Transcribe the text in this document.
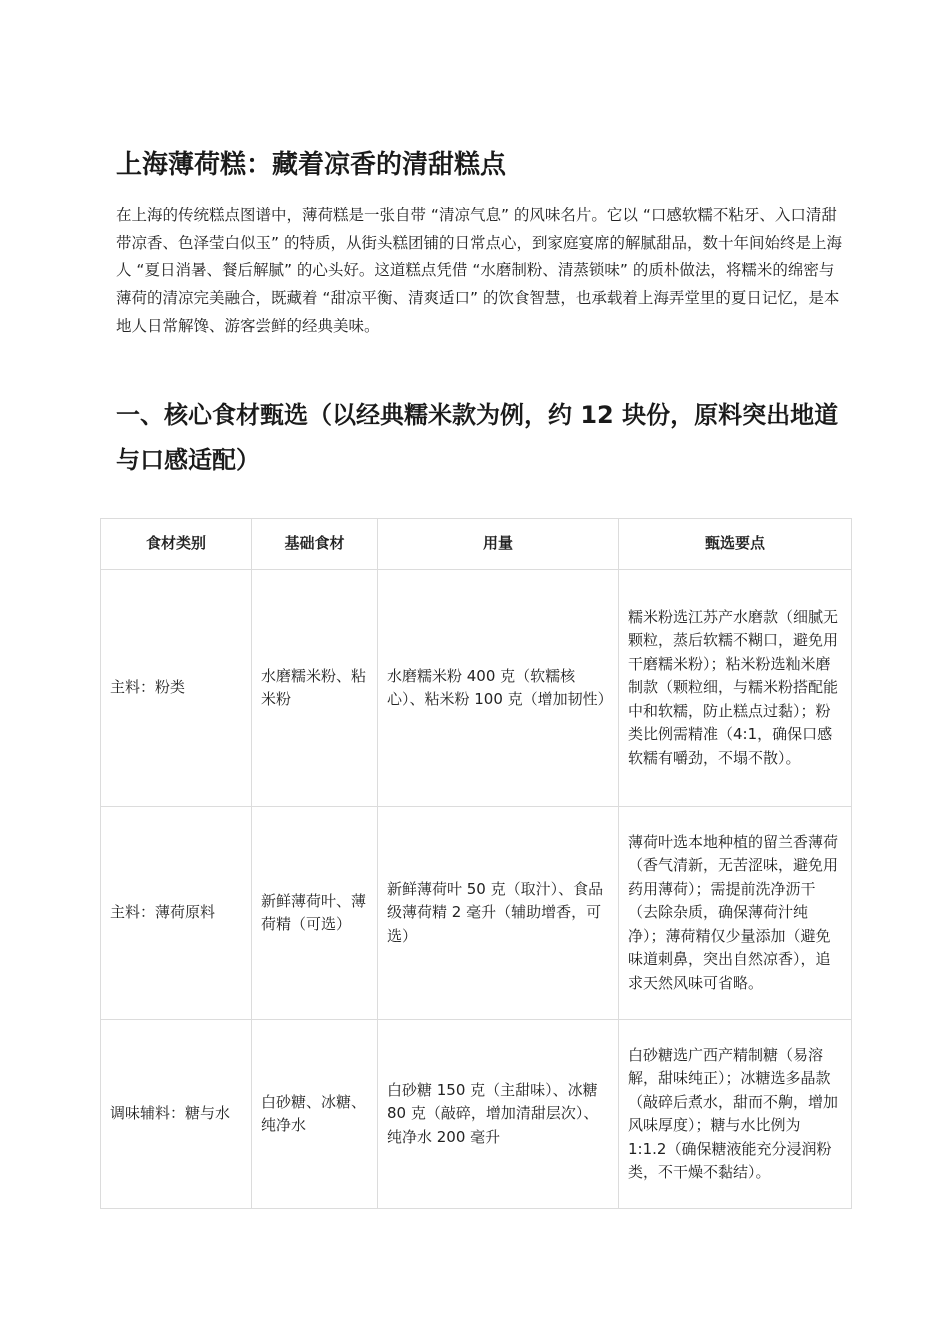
上海薄荷糕：藏着凉香的清甜糕点

在上海的传统糕点图谱中，薄荷糕是一张自带 “清凉气息” 的风味名片。它以 “口感软糯不粘牙、入口清甜带凉香、色泽莹白似玉” 的特质，从街头糕团铺的日常点心，到家庭宴席的解腻甜品，数十年间始终是上海人 “夏日消暑、餐后解腻” 的心头好。这道糕点凭借 “水磨制粉、清蒸锁味” 的质朴做法，将糯米的绵密与薄荷的清凉完美融合，既藏着 “甜凉平衡、清爽适口” 的饮食智慧，也承载着上海弄堂里的夏日记忆，是本地人日常解馋、游客尝鲜的经典美味。

一、核心食材甄选（以经典糯米款为例，约 12 块份，原料突出地道与口感适配）
食材类别	基础食材	用量	甄选要点
主料：粉类	水磨糯米粉、粘米粉	水磨糯米粉 400 克（软糯核心）、粘米粉 100 克（增加韧性）	糯米粉选江苏产水磨款（细腻无颗粒，蒸后软糯不糊口，避免用干磨糯米粉）；粘米粉选籼米磨制款（颗粒细，与糯米粉搭配能中和软糯，防止糕点过黏）；粉类比例需精准（4:1，确保口感软糯有嚼劲，不塌不散）。
主料：薄荷原料	新鲜薄荷叶、薄荷精（可选）	新鲜薄荷叶 50 克（取汁）、食品级薄荷精 2 毫升（辅助增香，可选）	薄荷叶选本地种植的留兰香薄荷（香气清新，无苦涩味，避免用药用薄荷）；需提前洗净沥干（去除杂质，确保薄荷汁纯净）；薄荷精仅少量添加（避免味道刺鼻，突出自然凉香），追求天然风味可省略。
调味辅料：糖与水	白砂糖、冰糖、纯净水	白砂糖 150 克（主甜味）、冰糖 80 克（敲碎，增加清甜层次）、纯净水 200 毫升	白砂糖选广西产精制糖（易溶解，甜味纯正）；冰糖选多晶款（敲碎后煮水，甜而不齁，增加风味厚度）；糖与水比例为 1:1.2（确保糖液能充分浸润粉类，不干燥不黏结）。
